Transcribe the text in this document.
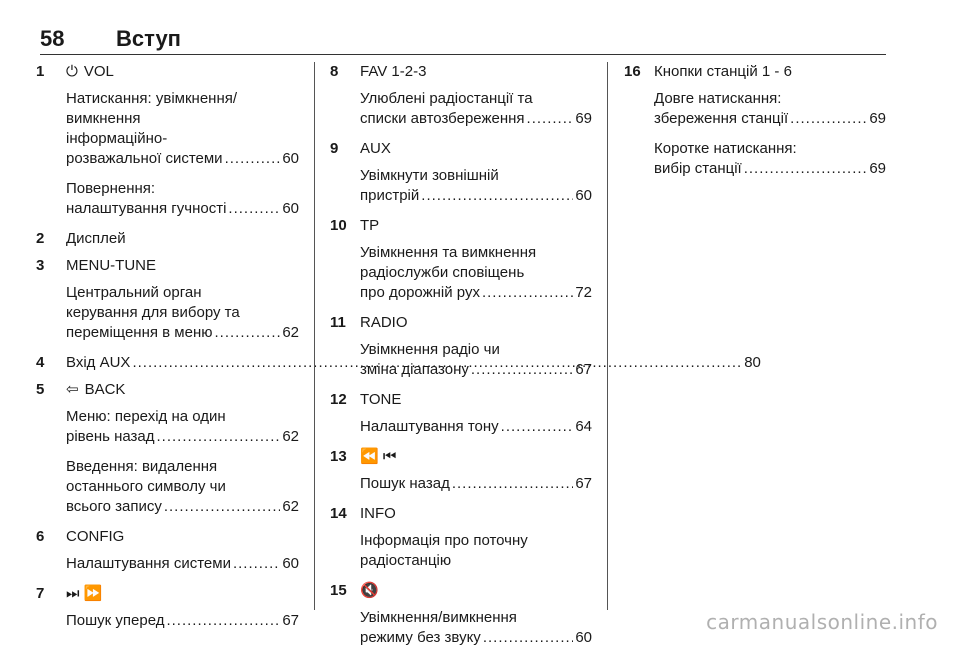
58 Вступ
1	⏻ VOL
Натискання: увімкнення/
вимкнення
інформаційно-
розважальної системи .....	60
Повернення:
налаштування гучності .....	60
2	Дисплей
3	MENU-TUNE
Центральний орган
керування для вибору та
переміщення в меню .....	62
4	Вхід AUX .....	80
5	⇦ BACK
Меню: перехід на один
рівень назад .....	62
Введення: видалення
останнього символу чи
всього запису .....	62
6	CONFIG
Налаштування системи .....	60
7	⏭ ⏩
Пошук уперед .....	67
8	FAV 1-2-3
Улюблені радіостанції та
списки автозбереження .....	69
9	AUX
Увімкнути зовнішній
пристрій .....	60
10 TP
Увімкнення та вимкнення
радіослужби сповіщень
про дорожній рух .....	72
11 RADIO
Увімкнення радіо чи
зміна діапазону .....	67
12 TONE
Налаштування тону .....	64
13 ⏪ ⏮
Пошук назад .....	67
14 INFO
Інформація про поточну
радіостанцію
15 🔇
Увімкнення/вимкнення
режиму без звуку .....	60
16 Кнопки станцій 1 - 6
Довге натискання:
збереження станції .....	69
Коротке натискання:
вибір станції .....	69
carmanualsonline.info
